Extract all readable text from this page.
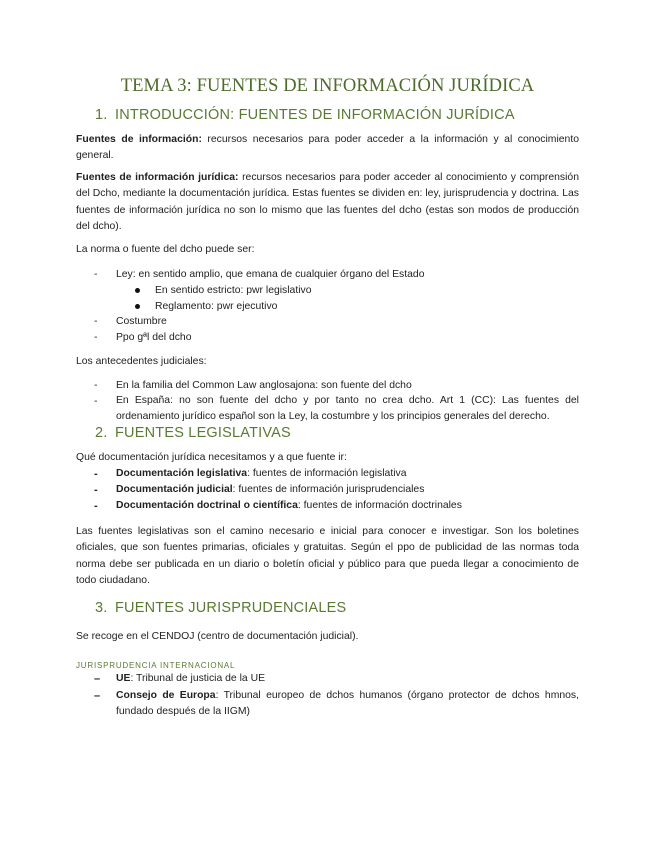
TEMA 3: FUENTES DE INFORMACIÓN JURÍDICA
1. INTRODUCCIÓN: FUENTES DE INFORMACIÓN JURÍDICA
Fuentes de información: recursos necesarios para poder acceder a la información y al conocimiento general.
Fuentes de información jurídica: recursos necesarios para poder acceder al conocimiento y comprensión del Dcho, mediante la documentación jurídica. Estas fuentes se dividen en: ley, jurisprudencia y doctrina. Las fuentes de información jurídica no son lo mismo que las fuentes del dcho (estas son modos de producción del dcho).
La norma o fuente del dcho puede ser:
- Ley: en sentido amplio, que emana de cualquier órgano del Estado
En sentido estricto: pwr legislativo
Reglamento: pwr ejecutivo
- Costumbre
- Ppo gªl del dcho
Los antecedentes judiciales:
- En la familia del Common Law anglosajona: son fuente del dcho
- En España: no son fuente del dcho y por tanto no crea dcho. Art 1 (CC): Las fuentes del ordenamiento jurídico español son la Ley, la costumbre y los principios generales del derecho.
2. FUENTES LEGISLATIVAS
Qué documentación jurídica necesitamos y a que fuente ir:
- Documentación legislativa: fuentes de información legislativa
- Documentación judicial: fuentes de información jurisprudenciales
- Documentación doctrinal o científica: fuentes de información doctrinales
Las fuentes legislativas son el camino necesario e inicial para conocer e investigar. Son los boletines oficiales, que son fuentes primarias, oficiales y gratuitas. Según el ppo de publicidad de las normas toda norma debe ser publicada en un diario o boletín oficial y público para que pueda llegar a conocimiento de todo ciudadano.
3. FUENTES JURISPRUDENCIALES
Se recoge en el CENDOJ (centro de documentación judicial).
JURISPRUDENCIA INTERNACIONAL
– UE: Tribunal de justicia de la UE
– Consejo de Europa: Tribunal europeo de dchos humanos (órgano protector de dchos hmnos, fundado después de la IIGM)
